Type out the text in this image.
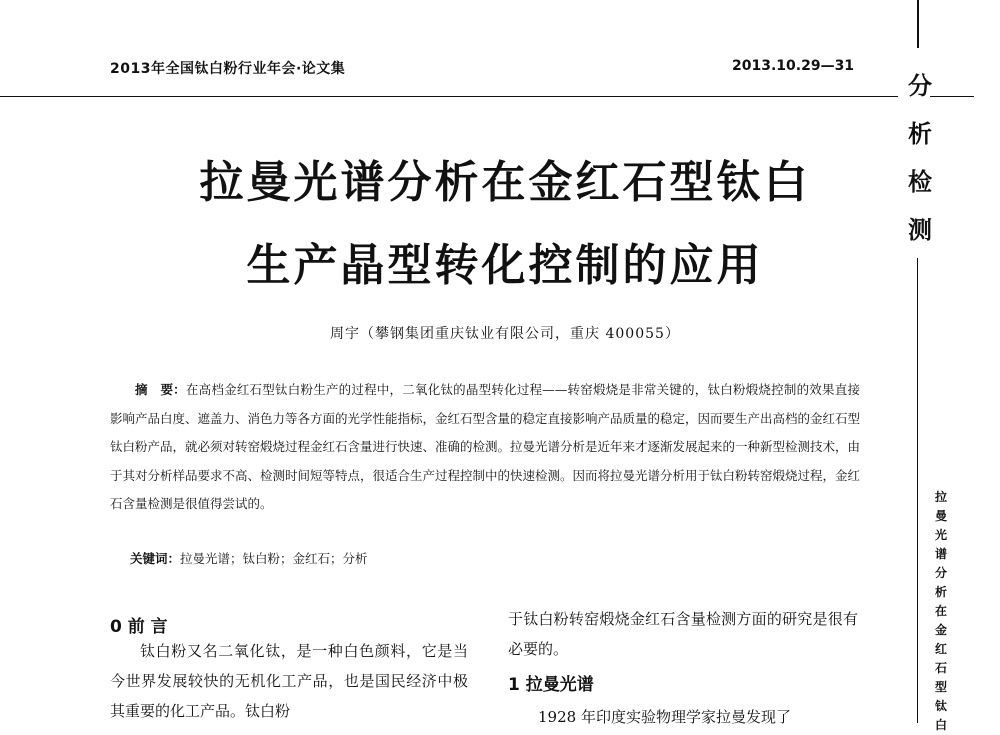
2013年全国钛白粉行业年会·论文集	2013.10.29—31
分
析
检
测
拉
曼
光
谱
分
析
在
金
红
石
型
钛
白
拉曼光谱分析在金红石型钛白
生产晶型转化控制的应用
周宇（攀钢集团重庆钛业有限公司，重庆 400055）

摘　要：在高档金红石型钛白粉生产的过程中，二氧化钛的晶型转化过程——转窑煅烧是非常关键的，钛白粉煅烧控制的效果直接影响产品白度、遮盖力、消色力等各方面的光学性能指标，金红石型含量的稳定直接影响产品质量的稳定，因而要生产出高档的金红石型钛白粉产品，就必须对转窑煅烧过程金红石含量进行快速、准确的检测。拉曼光谱分析是近年来才逐渐发展起来的一种新型检测技术，由于其对分析样品要求不高、检测时间短等特点，很适合生产过程控制中的快速检测。因而将拉曼光谱分析用于钛白粉转窑煅烧过程，金红石含量检测是很值得尝试的。

关键词：拉曼光谱；钛白粉；金红石；分析
0 前 言

钛白粉又名二氧化钛，是一种白色颜料，它是当今世界发展较快的无机化工产品，也是国民经济中极其重要的化工产品。钛白粉

于钛白粉转窑煅烧金红石含量检测方面的研究是很有必要的。

1 拉曼光谱

1928 年印度实验物理学家拉曼发现了
